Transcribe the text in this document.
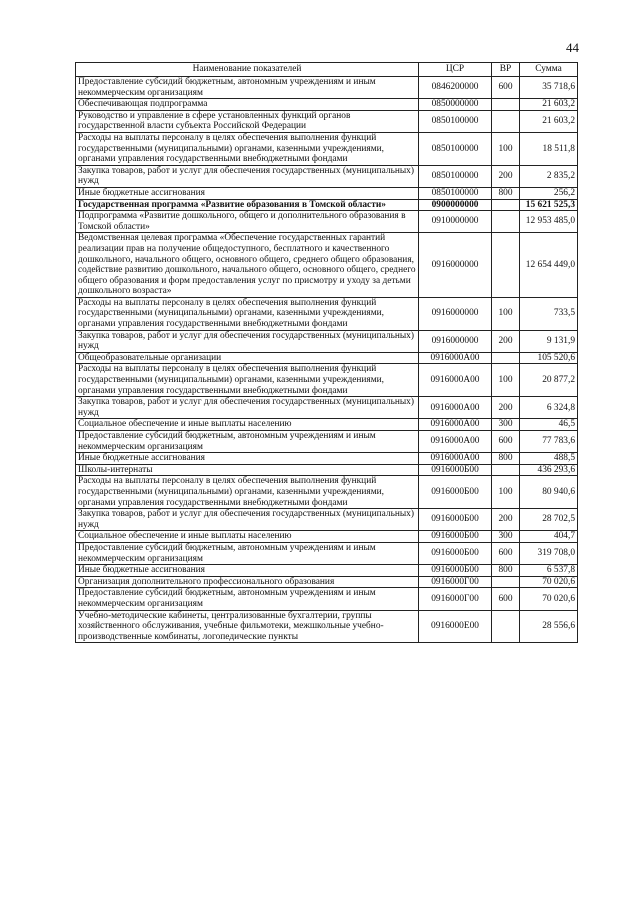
44
Наименование показателей	ЦСР	ВР	Сумма
Предоставление субсидий бюджетным, автономным учреждениям и иным некоммерческим организациям	0846200000	600	35 718,6
Обеспечивающая подпрограмма	0850000000		21 603,2
Руководство и управление в сфере установленных функций органов государственной власти субъекта Российской Федерации	0850100000		21 603,2
Расходы на выплаты персоналу в целях обеспечения выполнения функций государственными (муниципальными) органами, казенными учреждениями, органами управления государственными внебюджетными фондами	0850100000	100	18 511,8
Закупка товаров, работ и услуг для обеспечения государственных (муниципальных) нужд	0850100000	200	2 835,2
Иные бюджетные ассигнования	0850100000	800	256,2
Государственная программа «Развитие образования в Томской области»	0900000000		15 621 525,3
Подпрограмма «Развитие дошкольного, общего и дополнительного образования в Томской области»	0910000000		12 953 485,0
Ведомственная целевая программа «Обеспечение государственных гарантий реализации прав на получение общедоступного, бесплатного и качественного дошкольного, начального общего, основного общего, среднего общего образования, содействие развитию дошкольного, начального общего, основного общего, среднего общего образования и форм предоставления услуг по присмотру и уходу за детьми дошкольного возраста»	0916000000		12 654 449,0
Расходы на выплаты персоналу в целях обеспечения выполнения функций государственными (муниципальными) органами, казенными учреждениями, органами управления государственными внебюджетными фондами	0916000000	100	733,5
Закупка товаров, работ и услуг для обеспечения государственных (муниципальных) нужд	0916000000	200	9 131,9
Общеобразовательные организации	0916000А00		105 520,6
Расходы на выплаты персоналу в целях обеспечения выполнения функций государственными (муниципальными) органами, казенными учреждениями, органами управления государственными внебюджетными фондами	0916000А00	100	20 877,2
Закупка товаров, работ и услуг для обеспечения государственных (муниципальных) нужд	0916000А00	200	6 324,8
Социальное обеспечение и иные выплаты населению	0916000А00	300	46,5
Предоставление субсидий бюджетным, автономным учреждениям и иным некоммерческим организациям	0916000А00	600	77 783,6
Иные бюджетные ассигнования	0916000А00	800	488,5
Школы-интернаты	0916000Б00		436 293,6
Расходы на выплаты персоналу в целях обеспечения выполнения функций государственными (муниципальными) органами, казенными учреждениями, органами управления государственными внебюджетными фондами	0916000Б00	100	80 940,6
Закупка товаров, работ и услуг для обеспечения государственных (муниципальных) нужд	0916000Б00	200	28 702,5
Социальное обеспечение и иные выплаты населению	0916000Б00	300	404,7
Предоставление субсидий бюджетным, автономным учреждениям и иным некоммерческим организациям	0916000Б00	600	319 708,0
Иные бюджетные ассигнования	0916000Б00	800	6 537,8
Организация дополнительного профессионального образования	0916000Г00		70 020,6
Предоставление субсидий бюджетным, автономным учреждениям и иным некоммерческим организациям	0916000Г00	600	70 020,6
Учебно-методические кабинеты, централизованные бухгалтерии, группы хозяйственного обслуживания, учебные фильмотеки, межшкольные учебно-производственные комбинаты, логопедические пункты	0916000Е00		28 556,6
